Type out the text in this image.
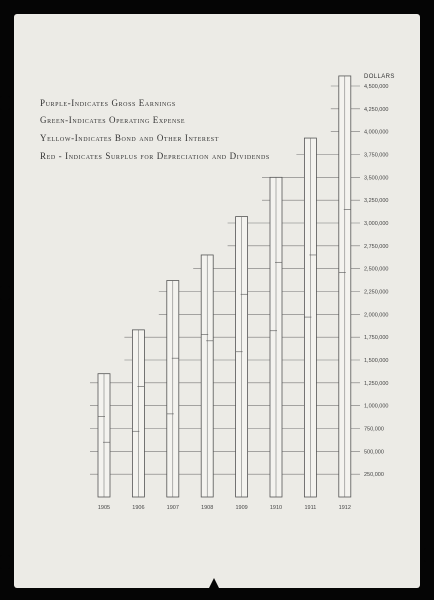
Purple-Indicates Gross Earnings
Green-Indicates Operating Expense
Yellow-Indicates Bond and Other Interest
Red - Indicates Surplus for Depreciation and Dividends
DOLLARS
250,000
500,000
750,000
1,000,000
1,250,000
1,500,000
1,750,000
2,000,000
2,250,000
2,500,000
2,750,000
3,000,000
3,250,000
3,500,000
3,750,000
4,000,000
4,250,000
4,500,000
1905	1906	1907	1908	1909	1910	1911	1912
